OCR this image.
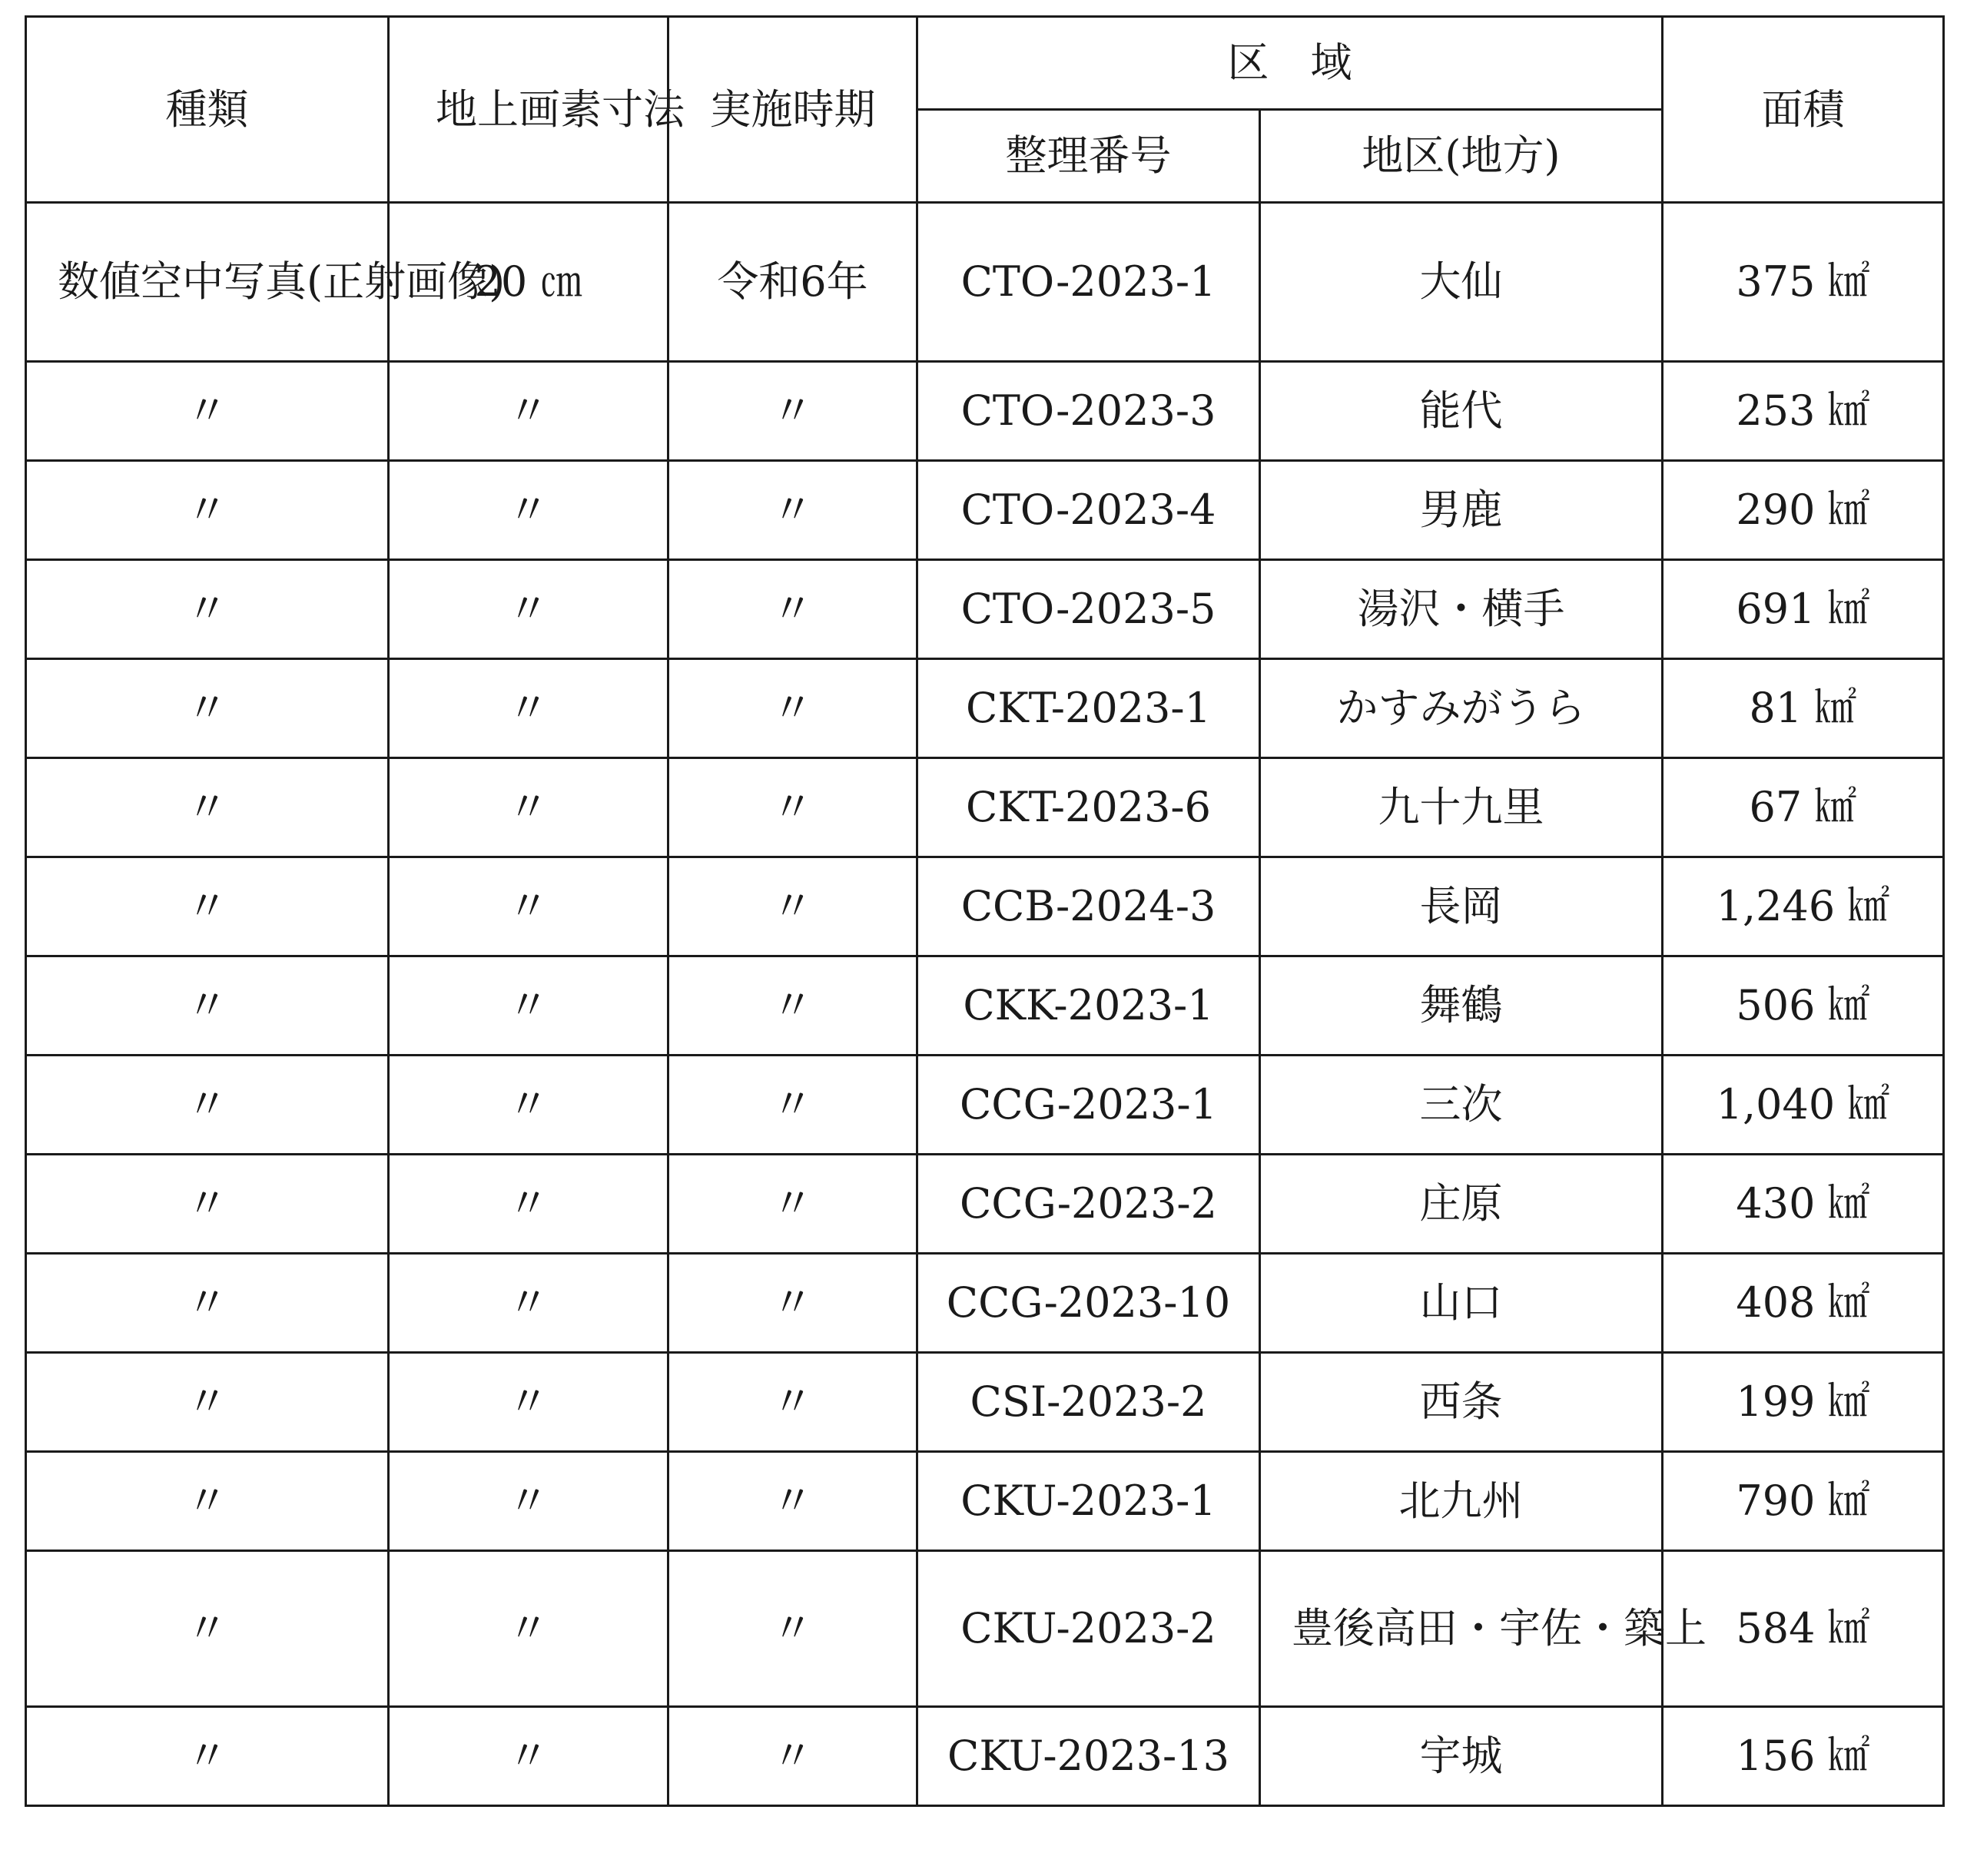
種類	地上画素寸法	実施時期	区　域		面積
			整理番号	地区(地方)	
数値空中写真(正射画像)	20 ㎝	令和6年	CTO-2023-1	大仙	375 ㎢
〃	〃	〃	CTO-2023-3	能代	253 ㎢
〃	〃	〃	CTO-2023-4	男鹿	290 ㎢
〃	〃	〃	CTO-2023-5	湯沢・横手	691 ㎢
〃	〃	〃	CKT-2023-1	かすみがうら	81 ㎢
〃	〃	〃	CKT-2023-6	九十九里	67 ㎢
〃	〃	〃	CCB-2024-3	長岡	1,246 ㎢
〃	〃	〃	CKK-2023-1	舞鶴	506 ㎢
〃	〃	〃	CCG-2023-1	三次	1,040 ㎢
〃	〃	〃	CCG-2023-2	庄原	430 ㎢
〃	〃	〃	CCG-2023-10	山口	408 ㎢
〃	〃	〃	CSI-2023-2	西条	199 ㎢
〃	〃	〃	CKU-2023-1	北九州	790 ㎢
〃	〃	〃	CKU-2023-2	豊後高田・宇佐・築上	584 ㎢
〃	〃	〃	CKU-2023-13	宇城	156 ㎢
